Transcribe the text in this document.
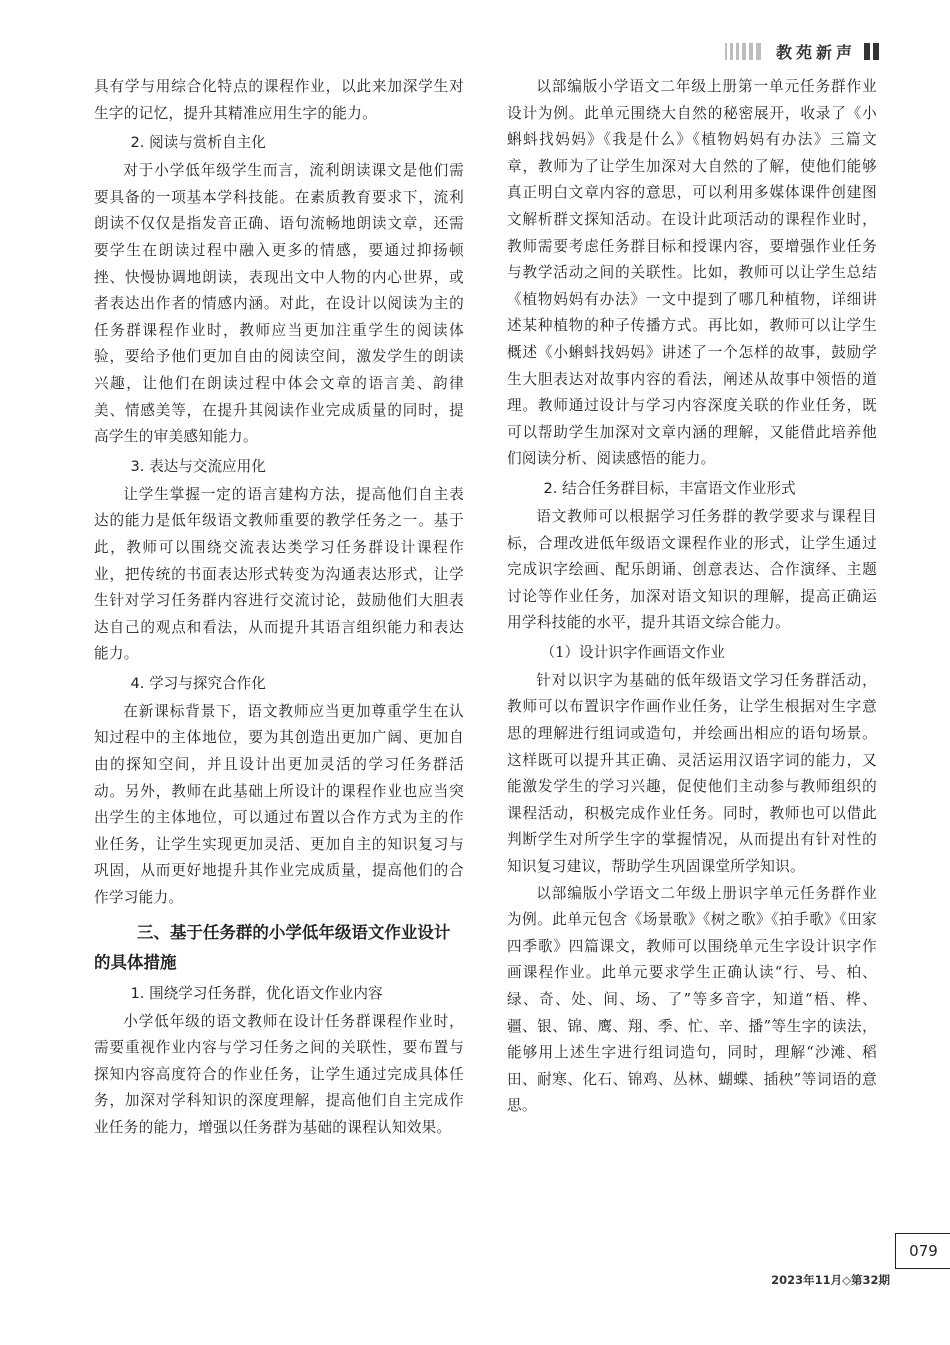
教苑新声

具有学与用综合化特点的课程作业，以此来加深学生对生字的记忆，提升其精准应用生字的能力。

2. 阅读与赏析自主化

对于小学低年级学生而言，流利朗读课文是他们需要具备的一项基本学科技能。在素质教育要求下，流利朗读不仅仅是指发音正确、语句流畅地朗读文章，还需要学生在朗读过程中融入更多的情感，要通过抑扬顿挫、快慢协调地朗读，表现出文中人物的内心世界，或者表达出作者的情感内涵。对此，在设计以阅读为主的任务群课程作业时，教师应当更加注重学生的阅读体验，要给予他们更加自由的阅读空间，激发学生的朗读兴趣，让他们在朗读过程中体会文章的语言美、韵律美、情感美等，在提升其阅读作业完成质量的同时，提高学生的审美感知能力。

3. 表达与交流应用化

让学生掌握一定的语言建构方法，提高他们自主表达的能力是低年级语文教师重要的教学任务之一。基于此，教师可以围绕交流表达类学习任务群设计课程作业，把传统的书面表达形式转变为沟通表达形式，让学生针对学习任务群内容进行交流讨论，鼓励他们大胆表达自己的观点和看法，从而提升其语言组织能力和表达能力。

4. 学习与探究合作化

在新课标背景下，语文教师应当更加尊重学生在认知过程中的主体地位，要为其创造出更加广阔、更加自由的探知空间，并且设计出更加灵活的学习任务群活动。另外，教师在此基础上所设计的课程作业也应当突出学生的主体地位，可以通过布置以合作方式为主的作业任务，让学生实现更加灵活、更加自主的知识复习与巩固，从而更好地提升其作业完成质量，提高他们的合作学习能力。

三、基于任务群的小学低年级语文作业设计的具体措施
1. 围绕学习任务群，优化语文作业内容

小学低年级的语文教师在设计任务群课程作业时，需要重视作业内容与学习任务之间的关联性，要布置与探知内容高度符合的作业任务，让学生通过完成具体任务，加深对学科知识的深度理解，提高他们自主完成作业任务的能力，增强以任务群为基础的课程认知效果。

以部编版小学语文二年级上册第一单元任务群作业设计为例。此单元围绕大自然的秘密展开，收录了《小蝌蚪找妈妈》《我是什么》《植物妈妈有办法》三篇文章，教师为了让学生加深对大自然的了解，使他们能够真正明白文章内容的意思，可以利用多媒体课件创建图文解析群文探知活动。在设计此项活动的课程作业时，教师需要考虑任务群目标和授课内容，要增强作业任务与教学活动之间的关联性。比如，教师可以让学生总结《植物妈妈有办法》一文中提到了哪几种植物，详细讲述某种植物的种子传播方式。再比如，教师可以让学生概述《小蝌蚪找妈妈》讲述了一个怎样的故事，鼓励学生大胆表达对故事内容的看法，阐述从故事中领悟的道理。教师通过设计与学习内容深度关联的作业任务，既可以帮助学生加深对文章内涵的理解，又能借此培养他们阅读分析、阅读感悟的能力。

2. 结合任务群目标，丰富语文作业形式

语文教师可以根据学习任务群的教学要求与课程目标，合理改进低年级语文课程作业的形式，让学生通过完成识字绘画、配乐朗诵、创意表达、合作演绎、主题讨论等作业任务，加深对语文知识的理解，提高正确运用学科技能的水平，提升其语文综合能力。

（1）设计识字作画语文作业

针对以识字为基础的低年级语文学习任务群活动，教师可以布置识字作画作业任务，让学生根据对生字意思的理解进行组词或造句，并绘画出相应的语句场景。这样既可以提升其正确、灵活运用汉语字词的能力，又能激发学生的学习兴趣，促使他们主动参与教师组织的课程活动，积极完成作业任务。同时，教师也可以借此判断学生对所学生字的掌握情况，从而提出有针对性的知识复习建议，帮助学生巩固课堂所学知识。

以部编版小学语文二年级上册识字单元任务群作业为例。此单元包含《场景歌》《树之歌》《拍手歌》《田家四季歌》四篇课文，教师可以围绕单元生字设计识字作画课程作业。此单元要求学生正确认读“行、号、柏、绿、奇、处、间、场、了”等多音字，知道“梧、桦、疆、银、锦、鹰、翔、季、忙、辛、播”等生字的读法，能够用上述生字进行组词造句，同时，理解“沙滩、稻田、耐寒、化石、锦鸡、丛林、蝴蝶、插秧”等词语的意思。

079
2023年11月◇第32期
